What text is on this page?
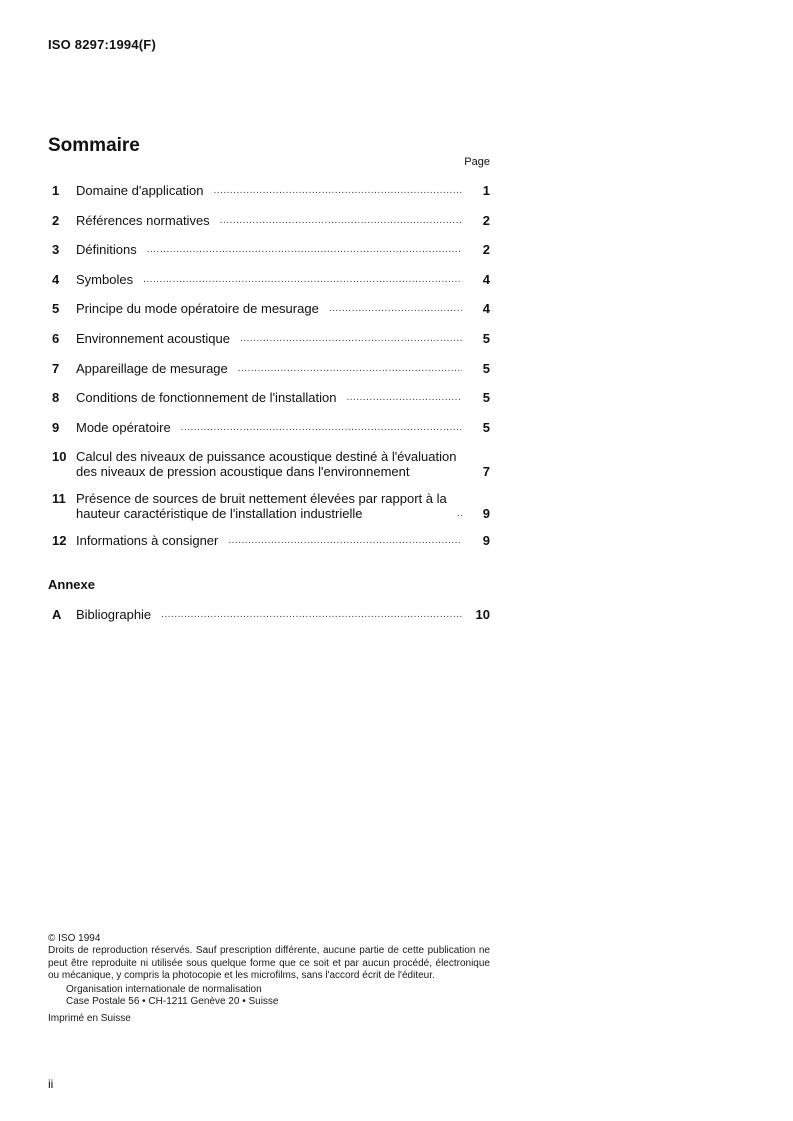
ISO 8297:1994(F)
Sommaire
Page
1	Domaine d'application .....	1
2	Références normatives .....	2
3	Définitions .....	2
4	Symboles .....	4
5	Principe du mode opératoire de mesurage .....	4
6	Environnement acoustique .....	5
7	Appareillage de mesurage .....	5
8	Conditions de fonctionnement de l'installation .....	5
9	Mode opératoire .....	5
10 Calcul des niveaux de puissance acoustique destiné à l'évaluation
des niveaux de pression acoustique dans l'environnement	7
11 Présence de sources de bruit nettement élevées par rapport à la
hauteur caractéristique de l'installation industrielle .....	9
12 Informations à consigner .....	9
Annexe
A	Bibliographie .....	10

© ISO 1994

Droits de reproduction réservés. Sauf prescription différente, aucune partie de cette publication ne peut être reproduite ni utilisée sous quelque forme que ce soit et par aucun procédé, électronique ou mécanique, y compris la photocopie et les microfilms, sans l'accord écrit de l'éditeur.

Organisation internationale de normalisation

Case Postale 56 • CH-1211 Genève 20 • Suisse

Imprimé en Suisse

ii
